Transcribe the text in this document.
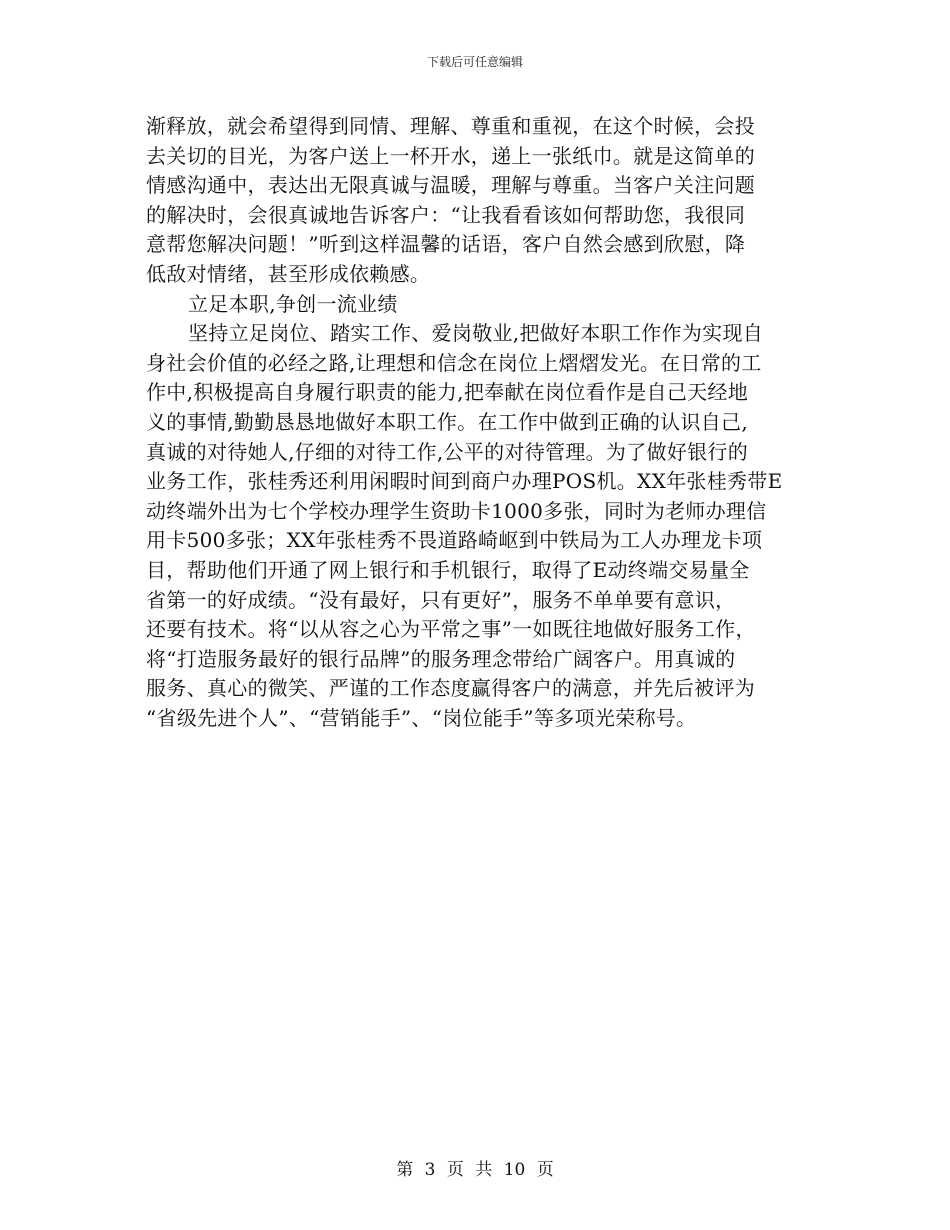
下载后可任意编辑
渐释放，就会希望得到同情、理解、尊重和重视，在这个时候，会投
去关切的目光，为客户送上一杯开水，递上一张纸巾。就是这简单的
情感沟通中，表达出无限真诚与温暖，理解与尊重。当客户关注问题
的解决时，会很真诚地告诉客户：“让我看看该如何帮助您，我很同
意帮您解决问题！”听到这样温馨的话语，客户自然会感到欣慰，降
低敌对情绪，甚至形成依赖感。
立足本职,争创一流业绩
坚持立足岗位、踏实工作、爱岗敬业,把做好本职工作作为实现自
身社会价值的必经之路,让理想和信念在岗位上熠熠发光。在日常的工
作中,积极提高自身履行职责的能力,把奉献在岗位看作是自己天经地
义的事情,勤勤恳恳地做好本职工作。在工作中做到正确的认识自己,
真诚的对待她人,仔细的对待工作,公平的对待管理。为了做好银行的
业务工作，张桂秀还利用闲暇时间到商户办理POS机。XX年张桂秀带E
动终端外出为七个学校办理学生资助卡1000多张，同时为老师办理信
用卡500多张；XX年张桂秀不畏道路崎岖到中铁局为工人办理龙卡项
目，帮助他们开通了网上银行和手机银行，取得了E动终端交易量全
省第一的好成绩。“没有最好，只有更好”，服务不单单要有意识，
还要有技术。将“以从容之心为平常之事”一如既往地做好服务工作，
将“打造服务最好的银行品牌”的服务理念带给广阔客户。用真诚的
服务、真心的微笑、严谨的工作态度赢得客户的满意，并先后被评为
“省级先进个人”、“营销能手”、“岗位能手”等多项光荣称号。
第 3 页 共 10 页
